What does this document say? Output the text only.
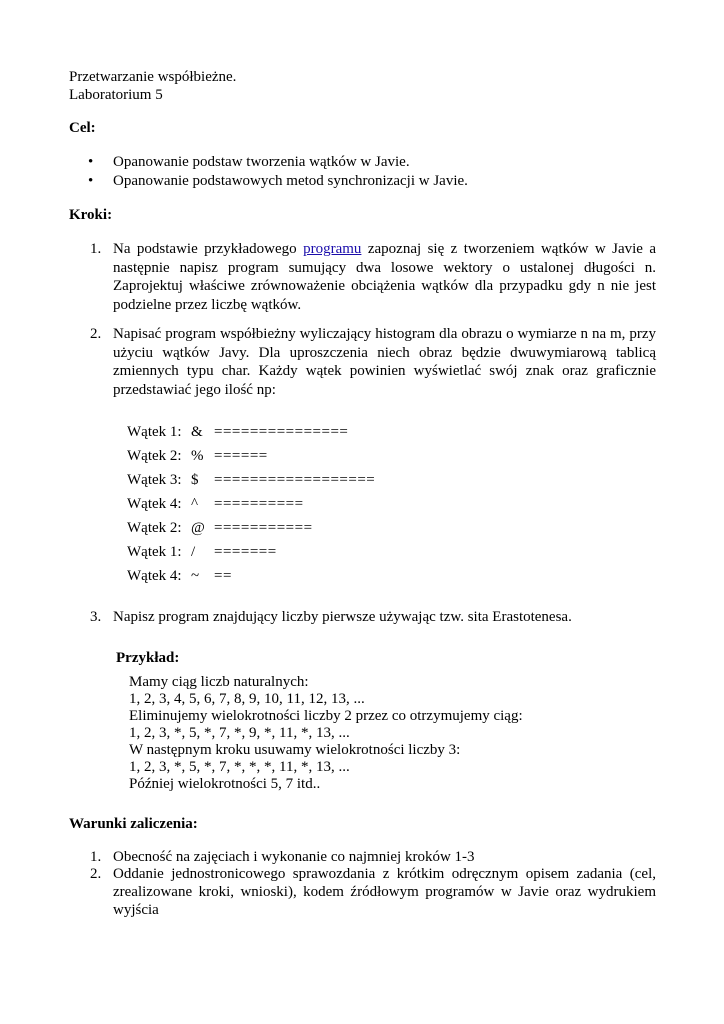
Przetwarzanie współbieżne.
Laboratorium 5
Cel:
• Opanowanie podstaw tworzenia wątków w Javie.
• Opanowanie podstawowych metod synchronizacji w Javie.
Kroki:
1. Na podstawie przykładowego programu zapoznaj się z tworzeniem wątków w Javie a następnie napisz program sumujący dwa losowe wektory o ustalonej długości n. Zaprojektuj właściwe zrównoważenie obciążenia wątków dla przypadku gdy n nie jest podzielne przez liczbę wątków.

2. Napisać program współbieżny wyliczający histogram dla obrazu o wymiarze n na m, przy użyciu wątków Javy. Dla uproszczenia niech obraz będzie dwuwymiarową tablicą zmiennych typu char. Każdy wątek powinien wyświetlać swój znak oraz graficznie przedstawiać jego ilość np:

Wątek 1: & ===============
Wątek 2: % ======
Wątek 3: $ ==================
Wątek 4: ^ ==========
Wątek 2: @ ===========
Wątek 1: / =======
Wątek 4: ~ ==
3. Napisz program znajdujący liczby pierwsze używając tzw. sita Erastotenesa.
Przykład:
Mamy ciąg liczb naturalnych:
1, 2, 3, 4, 5, 6, 7, 8, 9, 10, 11, 12, 13, ...
Eliminujemy wielokrotności liczby 2 przez co otrzymujemy ciąg:
1, 2, 3, *, 5, *, 7, *, 9, *, 11, *, 13, ...
W następnym kroku usuwamy wielokrotności liczby 3:
1, 2, 3, *, 5, *, 7, *, *, *, 11, *, 13, ...
Później wielokrotności 5, 7 itd..
Warunki zaliczenia:
1. Obecność na zajęciach i wykonanie co najmniej kroków 1-3
2. Oddanie jednostronicowego sprawozdania z krótkim odręcznym opisem zadania (cel, zrealizowane kroki, wnioski), kodem źródłowym programów w Javie oraz wydrukiem wyjścia
